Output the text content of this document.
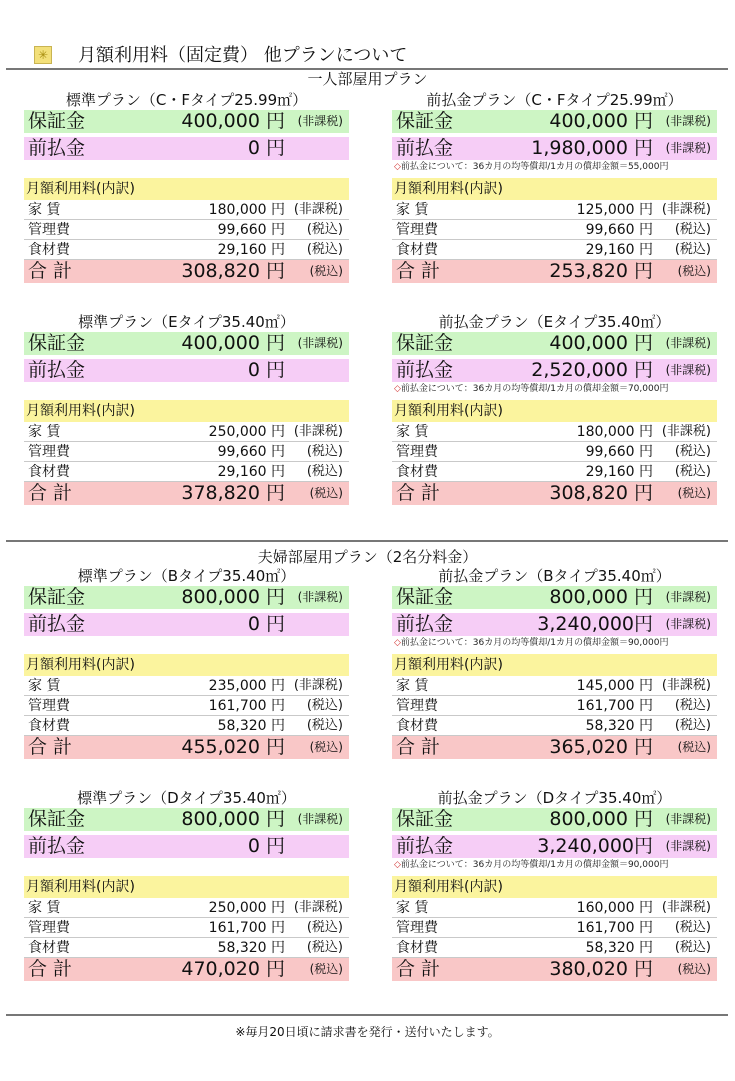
✳ 月額利用料（固定費） 他プランについて
一人部屋用プラン
標準プラン（C・Fタイプ25.99㎡）
保証金	400,000 円 (非課税)
前払金	0 円
月額利用料(内訳)
家 賃	180,000 円 (非課税)
管理費	99,660 円 (税込)
食材費	29,160 円 (税込)
合 計	308,820 円 (税込)
前払金プラン（C・Fタイプ25.99㎡）
保証金	400,000 円 (非課税)
前払金	1,980,000 円 (非課税)
◇前払金について：36カ月の均等償却/1カ月の償却金額＝55,000円
月額利用料(内訳)
家 賃	125,000 円 (非課税)
管理費	99,660 円 (税込)
食材費	29,160 円 (税込)
合 計	253,820 円 (税込)
標準プラン（Eタイプ35.40㎡）
保証金	400,000 円 (非課税)
前払金	0 円
月額利用料(内訳)
家 賃	250,000 円 (非課税)
管理費	99,660 円 (税込)
食材費	29,160 円 (税込)
合 計	378,820 円 (税込)
前払金プラン（Eタイプ35.40㎡）
保証金	400,000 円 (非課税)
前払金	2,520,000 円 (非課税)
◇前払金について：36カ月の均等償却/1カ月の償却金額＝70,000円
月額利用料(内訳)
家 賃	180,000 円 (非課税)
管理費	99,660 円 (税込)
食材費	29,160 円 (税込)
合 計	308,820 円 (税込)
夫婦部屋用プラン（2名分料金）
標準プラン（Bタイプ35.40㎡）
保証金	800,000 円 (非課税)
前払金	0 円
月額利用料(内訳)
家 賃	235,000 円 (非課税)
管理費	161,700 円 (税込)
食材費	58,320 円 (税込)
合 計	455,020 円 (税込)
前払金プラン（Bタイプ35.40㎡）
保証金	800,000 円 (非課税)
前払金	3,240,000円 (非課税)
◇前払金について：36カ月の均等償却/1カ月の償却金額＝90,000円
月額利用料(内訳)
家 賃	145,000 円 (非課税)
管理費	161,700 円 (税込)
食材費	58,320 円 (税込)
合 計	365,020 円 (税込)
標準プラン（Dタイプ35.40㎡）
保証金	800,000 円 (非課税)
前払金	0 円
月額利用料(内訳)
家 賃	250,000 円 (非課税)
管理費	161,700 円 (税込)
食材費	58,320 円 (税込)
合 計	470,020 円 (税込)
前払金プラン（Dタイプ35.40㎡）
保証金	800,000 円 (非課税)
前払金	3,240,000円 (非課税)
◇前払金について：36カ月の均等償却/1カ月の償却金額＝90,000円
月額利用料(内訳)
家 賃	160,000 円 (非課税)
管理費	161,700 円 (税込)
食材費	58,320 円 (税込)
合 計	380,020 円 (税込)
※毎月20日頃に請求書を発行・送付いたします。
